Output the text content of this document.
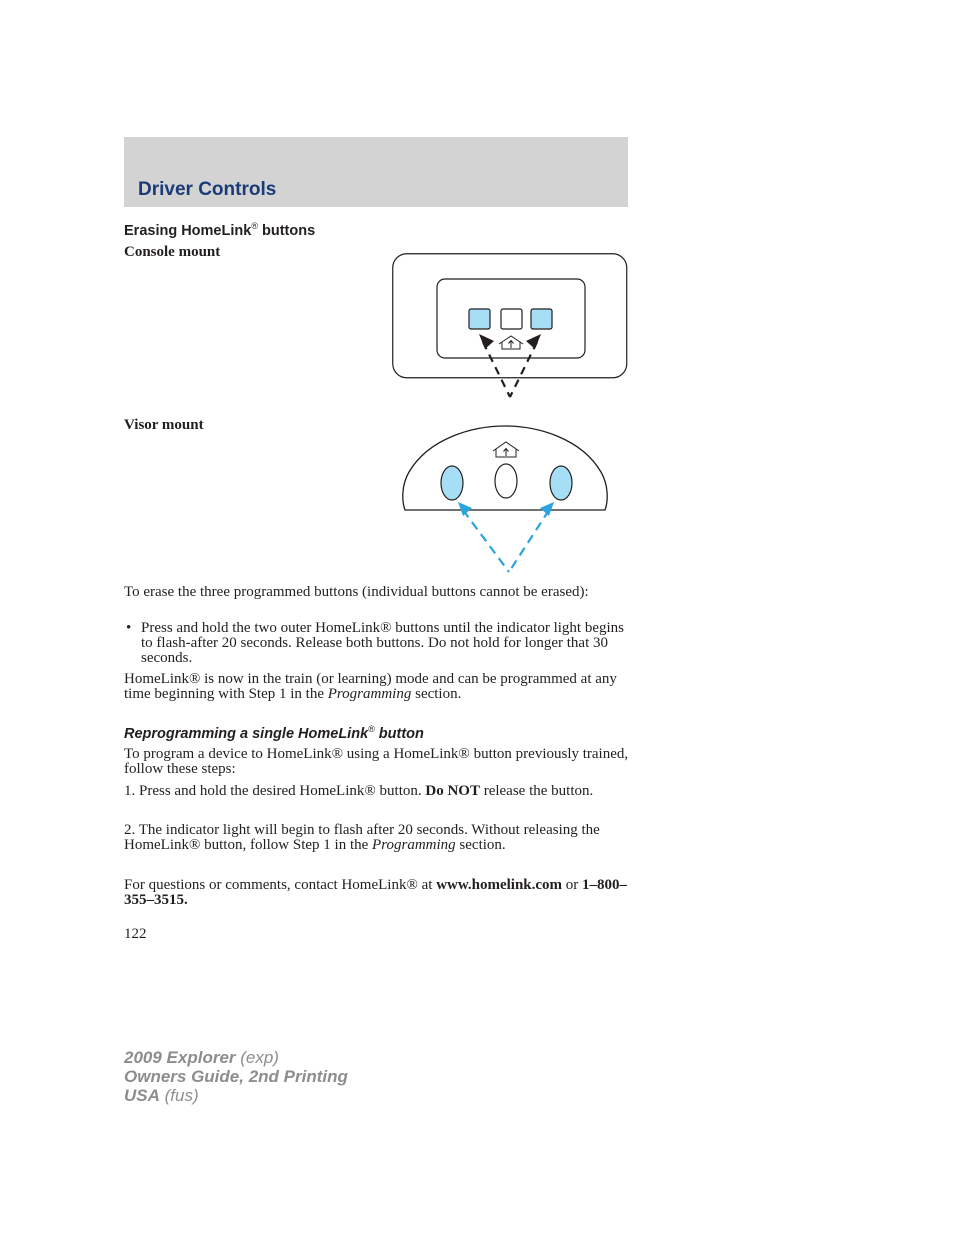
Driver Controls
Erasing HomeLink® buttons
Console mount
Visor mount
To erase the three programmed buttons (individual buttons cannot be erased):
• Press and hold the two outer HomeLink® buttons until the indicator light begins to flash-after 20 seconds. Release both buttons. Do not hold for longer that 30 seconds.
HomeLink® is now in the train (or learning) mode and can be programmed at any time beginning with Step 1 in the Programming section.
Reprogramming a single HomeLink® button
To program a device to HomeLink® using a HomeLink® button previously trained, follow these steps:
1. Press and hold the desired HomeLink® button. Do NOT release the button.
2. The indicator light will begin to flash after 20 seconds. Without releasing the HomeLink® button, follow Step 1 in the Programming section.
For questions or comments, contact HomeLink® at www.homelink.com or 1–800–355–3515.
122
2009 Explorer (exp)
Owners Guide, 2nd Printing
USA (fus)
